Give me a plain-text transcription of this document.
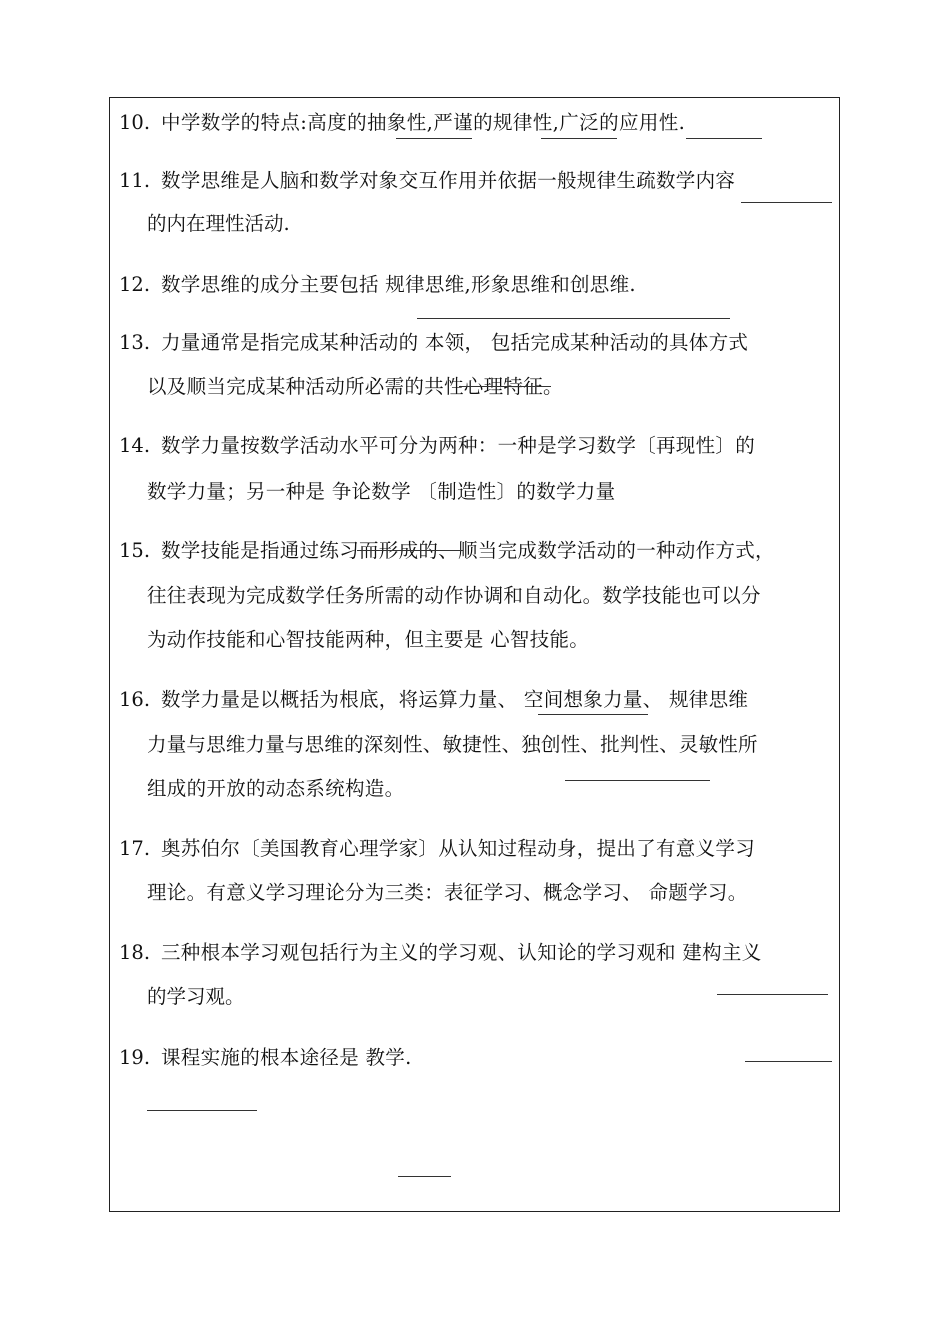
10. 中学数学的特点:高度的抽象性,严谨的规律性,广泛的应用性.
11. 数学思维是人脑和数学对象交互作用并依据一般规律生疏数学内容
的内在理性活动.
12. 数学思维的成分主要包括 规律思维,形象思维和创思维.
13. 力量通常是指完成某种活动的 本领， 包括完成某种活动的具体方式
以及顺当完成某种活动所必需的共性心理特征。
14. 数学力量按数学活动水平可分为两种：一种是学习数学〔再现性〕的
数学力量；另一种是 争论数学 〔制造性〕的数学力量
15. 数学技能是指通过练习而形成的、顺当完成数学活动的一种动作方式，
往往表现为完成数学任务所需的动作协调和自动化。数学技能也可以分
为动作技能和心智技能两种，但主要是 心智技能。
16. 数学力量是以概括为根底，将运算力量、 空间想象力量、 规律思维
力量与思维力量与思维的深刻性、敏捷性、独创性、批判性、灵敏性所
组成的开放的动态系统构造。
17. 奥苏伯尔〔美国教育心理学家〕从认知过程动身，提出了有意义学习
理论。有意义学习理论分为三类：表征学习、概念学习、 命题学习。
18. 三种根本学习观包括行为主义的学习观、认知论的学习观和 建构主义
的学习观。
19. 课程实施的根本途径是 教学.
